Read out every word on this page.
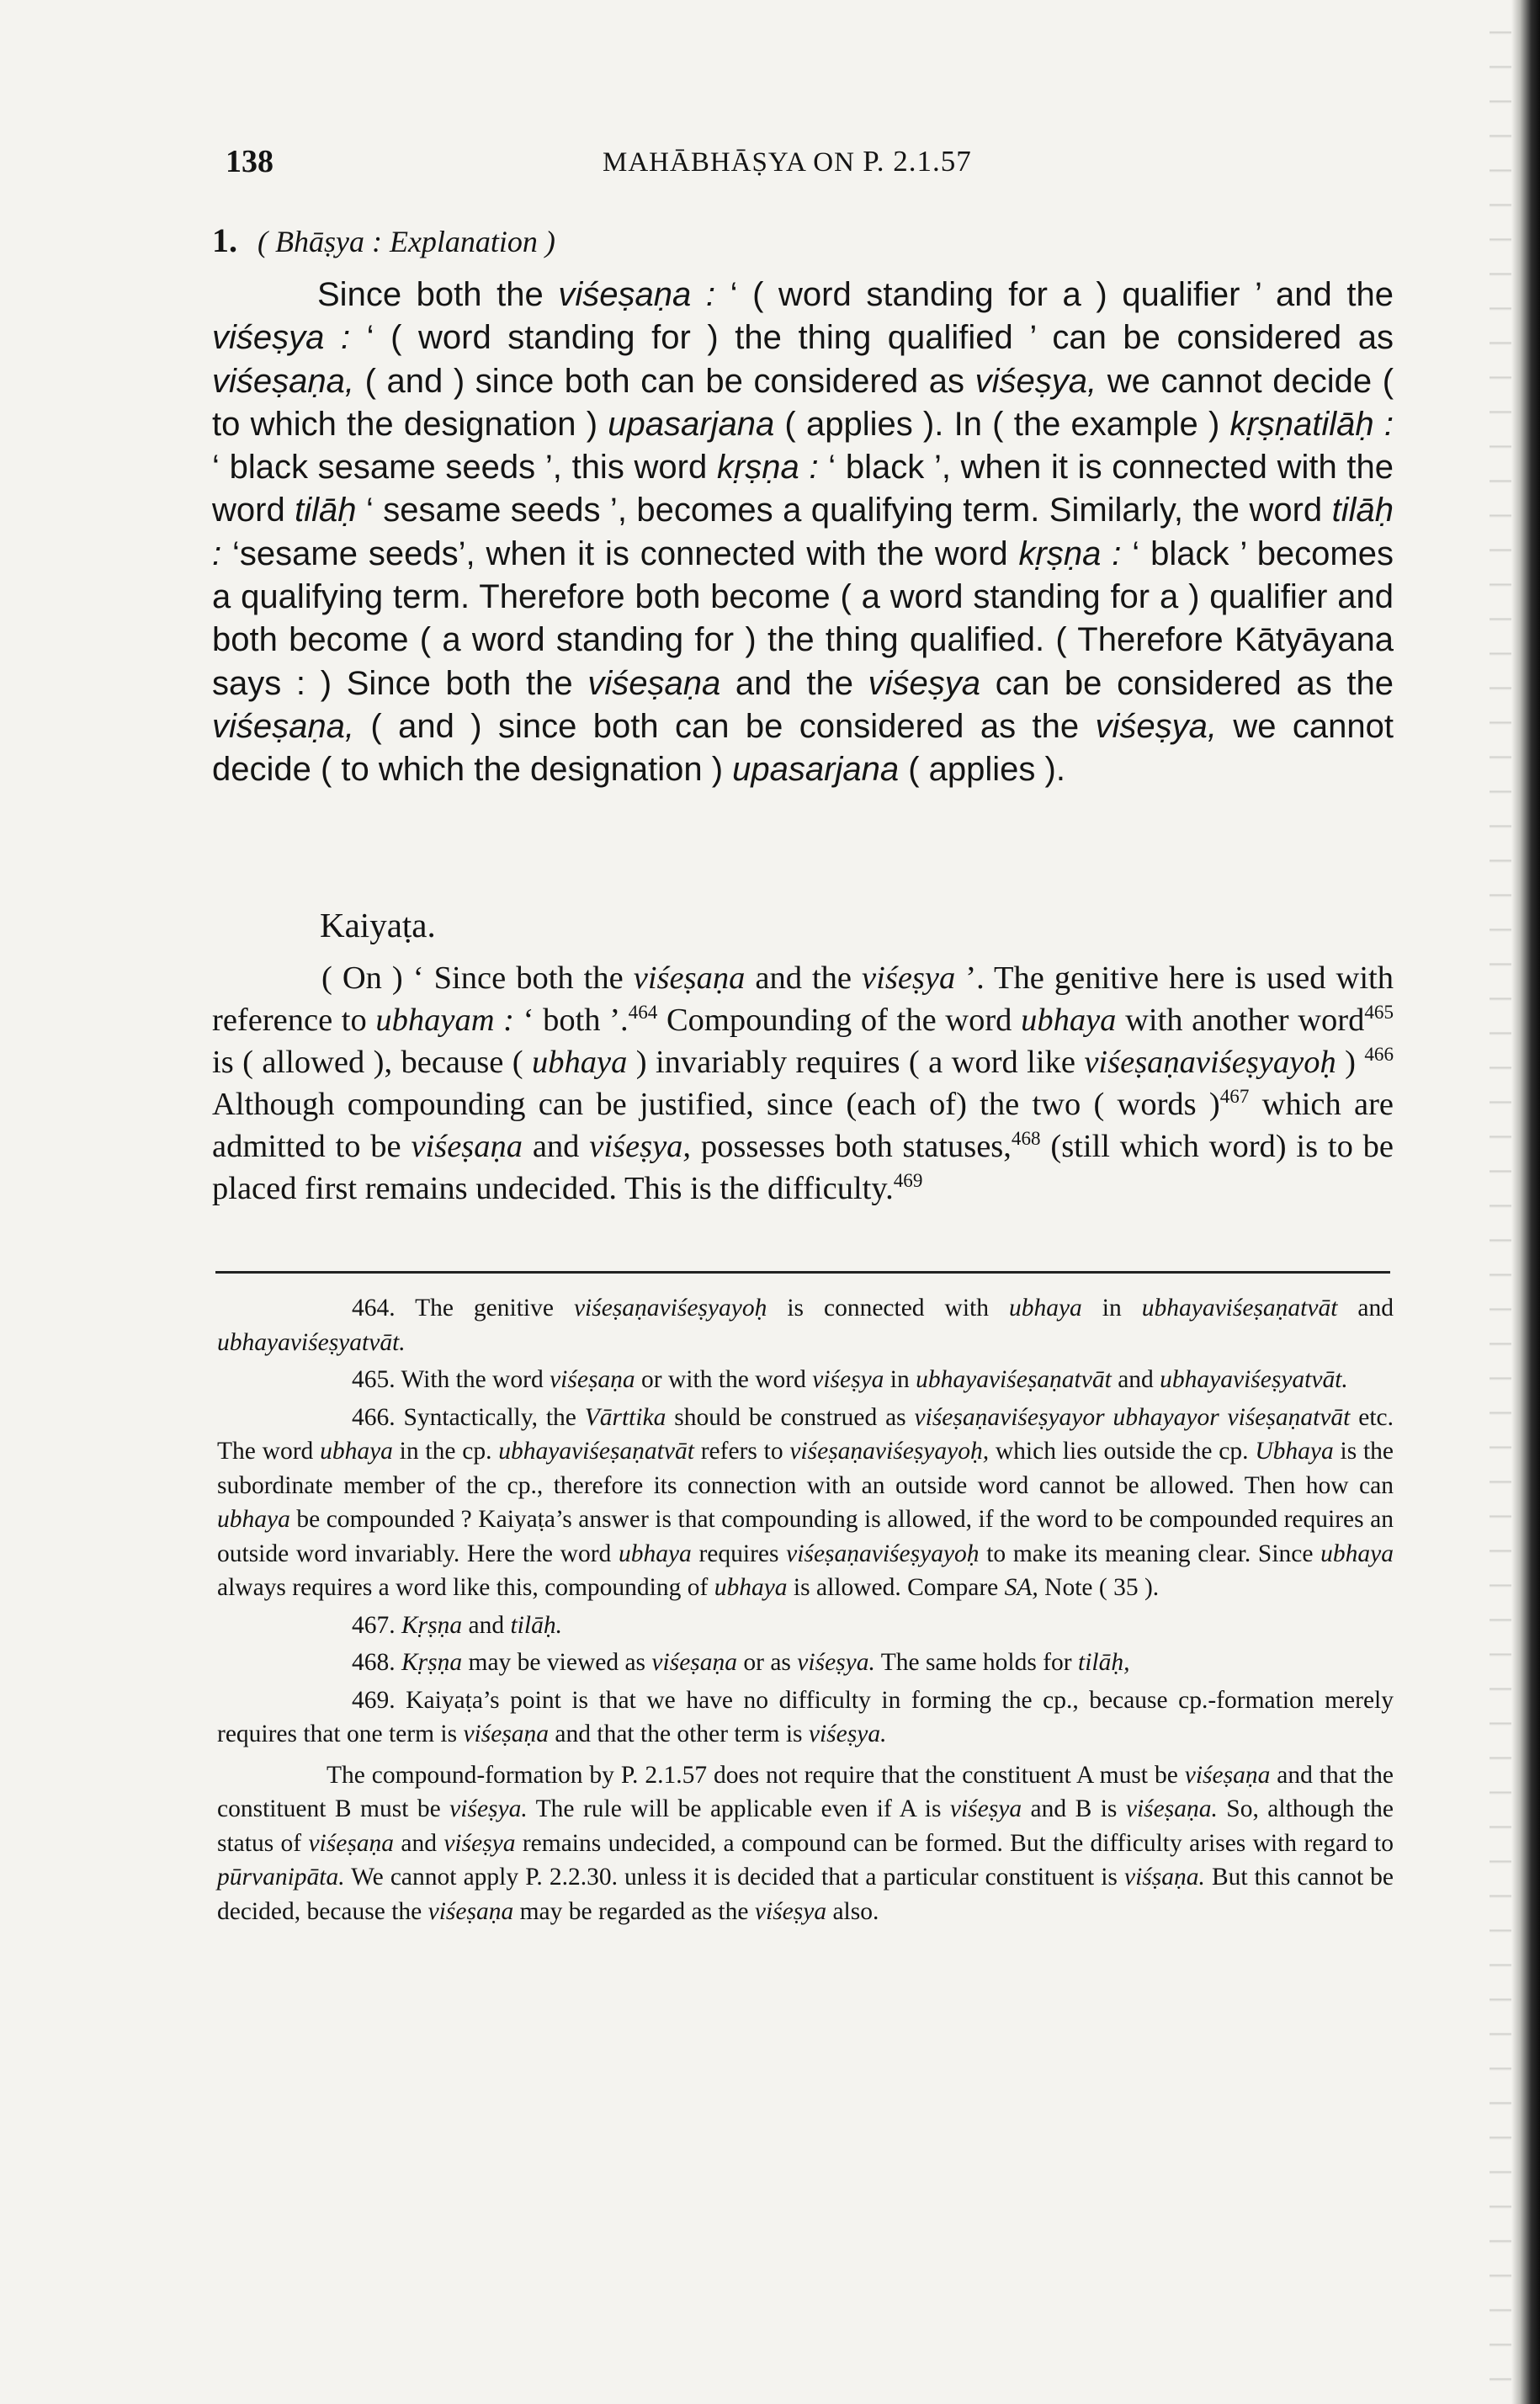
138	MAHĀBHĀṢYA ON P. 2.1.57
1. ( Bhāṣya : Explanation )

Since both the viśeṣaṇa : ‘ ( word standing for a ) qualifier ’ and the viśeṣya : ‘ ( word standing for ) the thing qualified ’ can be considered as viśeṣaṇa, ( and ) since both can be considered as viśeṣya, we cannot decide ( to which the designation ) upasarjana ( applies ). In ( the example ) kṛṣṇatilāḥ : ‘ black sesame seeds ’, this word kṛṣṇa : ‘ black ’, when it is connected with the word tilāḥ ‘ sesame seeds ’, becomes a qualifying term. Similarly, the word tilāḥ : ‘sesame seeds’, when it is connected with the word kṛṣṇa : ‘ black ’ becomes a qualifying term. Therefore both become ( a word standing for a ) qualifier and both become ( a word standing for ) the thing qualified. ( Therefore Kātyāyana says : ) Since both the viśeṣaṇa and the viśeṣya can be considered as the viśeṣaṇa, ( and ) since both can be considered as the viśeṣya, we cannot decide ( to which the designation ) upasarjana ( applies ).

Kaiyaṭa.

( On ) ‘ Since both the viśeṣaṇa and the viśeṣya ’. The genitive here is used with reference to ubhayam : ‘ both ’.$^{464}$ Compounding of the word ubhaya with another word$^{465}$ is ( allowed ), because ( ubhaya ) invariably requires ( a word like viśeṣaṇaviśeṣyayoḥ ) $^{466}$ Although compounding can be justified, since (each of) the two ( words )$^{467}$ which are admitted to be viśeṣaṇa and viśeṣya, possesses both statuses,$^{468}$ (still which word) is to be placed first remains undecided. This is the difficulty.$^{469}$

464. The genitive viśeṣaṇaviśeṣyayoḥ is connected with ubhaya in ubhayaviśeṣaṇatvāt and ubhayaviśeṣyatvāt.

465. With the word viśeṣaṇa or with the word viśeṣya in ubhayaviśeṣaṇatvāt and ubhayaviśeṣyatvāt.

466. Syntactically, the Vārttika should be construed as viśeṣaṇaviśeṣyayor ubhayayor viśeṣaṇatvāt etc. The word ubhaya in the cp. ubhayaviśeṣaṇatvāt refers to viśeṣaṇaviśeṣyayoḥ, which lies outside the cp. Ubhaya is the subordinate member of the cp., therefore its connection with an outside word cannot be allowed. Then how can ubhaya be compounded ? Kaiyaṭa’s answer is that compounding is allowed, if the word to be compounded requires an outside word invariably. Here the word ubhaya requires viśeṣaṇaviśeṣyayoḥ to make its meaning clear. Since ubhaya always requires a word like this, compounding of ubhaya is allowed. Compare SA, Note ( 35 ).

467. Kṛṣṇa and tilāḥ.

468. Kṛṣṇa may be viewed as viśeṣaṇa or as viśeṣya. The same holds for tilāḥ,

469. Kaiyaṭa’s point is that we have no difficulty in forming the cp., because cp.-formation merely requires that one term is viśeṣaṇa and that the other term is viśeṣya.

The compound-formation by P. 2.1.57 does not require that the constituent A must be viśeṣaṇa and that the constituent B must be viśeṣya. The rule will be applicable even if A is viśeṣya and B is viśeṣaṇa. So, although the status of viśeṣaṇa and viśeṣya remains undecided, a compound can be formed. But the difficulty arises with regard to pūrvanipāta. We cannot apply P. 2.2.30. unless it is decided that a particular constituent is viśṣaṇa. But this cannot be decided, because the viśeṣaṇa may be regarded as the viśeṣya also.
